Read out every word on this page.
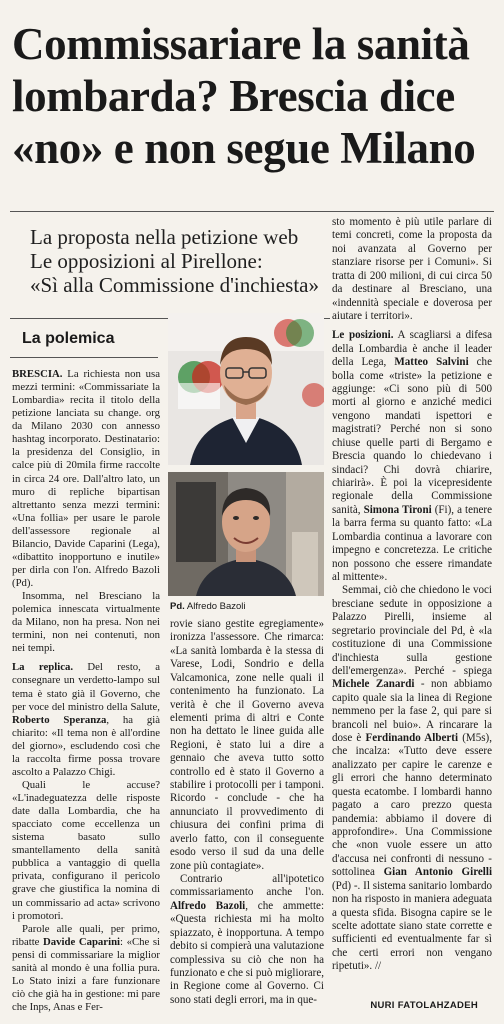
Commissariare la sanità
lombarda? Brescia dice
«no» e non segue Milano
La proposta nella petizione web
Le opposizioni al Pirellone:
«Sì alla Commissione d'inchiesta»
La polemica

BRESCIA. La richiesta non usa mezzi termini: «Commissariate la Lombardia» recita il titolo della petizione lanciata su change. org da Milano 2030 con annesso hashtag incorporato. Destinatario: la presidenza del Consiglio, in calce più di 20mila firme raccolte in circa 24 ore. Dall'altro lato, un muro di repliche bipartisan altrettanto senza mezzi termini: «Una follia» per usare le parole dell'assessore regionale al Bilancio, Davide Caparini (Lega), «dibattito inopportuno e inutile» per dirla con l'on. Alfredo Bazoli (Pd).

Insomma, nel Bresciano la polemica innescata virtualmente da Milano, non ha presa. Non nei termini, non nei contenuti, non nei tempi.

La replica. Del resto, a consegnare un verdetto-lampo sul tema è stato già il Governo, che per voce del ministro della Salute, Roberto Speranza, ha già chiarito: «Il tema non è all'ordine del giorno», escludendo così che la raccolta firme possa trovare ascolto a Palazzo Chigi.

Quali le accuse? «L'inadeguatezza delle risposte date dalla Lombardia, che ha spacciato come eccellenza un sistema basato sullo smantellamento della sanità pubblica a vantaggio di quella privata, configurano il pericolo grave che giustifica la nomina di un commissario ad acta» scrivono i promotori.

Parole alle quali, per primo, ribatte Davide Caparini: «Che si pensi di commissariare la miglior sanità al mondo è una follia pura. Lo Stato inizi a fare funzionare ciò che già ha in gestione: mi pare che Inps, Anas e Fer-

Pd. Alfredo Bazoli

rovie siano gestite egregiamente» ironizza l'assessore. Che rimarca: «La sanità lombarda è la stessa di Varese, Lodi, Sondrio e della Valcamonica, zone nelle quali il contenimento ha funzionato. La verità è che il Governo aveva elementi prima di altri e Conte non ha dettato le linee guida alle Regioni, è stato lui a dire a gennaio che aveva tutto sotto controllo ed è stato il Governo a stabilire i protocolli per i tamponi. Ricordo - conclude - che ha annunciato il provvedimento di chiusura dei confini prima di averlo fatto, con il conseguente esodo verso il sud da una delle zone più contagiate».

Contrario all'ipotetico commissariamento anche l'on. Alfredo Bazoli, che ammette: «Questa richiesta mi ha molto spiazzato, è inopportuna. A tempo debito si compierà una valutazione complessiva su ciò che non ha funzionato e che si può migliorare, in Regione come al Governo. Ci sono stati degli errori, ma in que-

sto momento è più utile parlare di temi concreti, come la proposta da noi avanzata al Governo per stanziare risorse per i Comuni». Si tratta di 200 milioni, di cui circa 50 da destinare al Bresciano, una «indennità speciale e doverosa per aiutare i territori».

Le posizioni. A scagliarsi a difesa della Lombardia è anche il leader della Lega, Matteo Salvini che bolla come «triste» la petizione e aggiunge: «Ci sono più di 500 morti al giorno e anziché medici vengono mandati ispettori e magistrati? Perché non si sono chiuse quelle parti di Bergamo e Brescia quando lo chiedevano i sindaci? Chi dovrà chiarire, chiarirà». È poi la vicepresidente regionale della Commissione sanità, Simona Tironi (Fi), a tenere la barra ferma su quanto fatto: «La Lombardia continua a lavorare con impegno e concretezza. Le critiche non possono che essere rimandate al mittente».

Semmai, ciò che chiedono le voci bresciane sedute in opposizione a Palazzo Pirelli, insieme al segretario provinciale del Pd, è «la costituzione di una Commissione d'inchiesta sulla gestione dell'emergenza». Perché - spiega Michele Zanardi - non abbiamo capito quale sia la linea di Regione nemmeno per la fase 2, qui pare si brancoli nel buio». A rincarare la dose è Ferdinando Alberti (M5s), che incalza: «Tutto deve essere analizzato per capire le carenze e gli errori che hanno determinato questa ecatombe. I lombardi hanno pagato a caro prezzo questa pandemia: abbiamo il dovere di approfondire». Una Commissione che «non vuole essere un atto d'accusa nei confronti di nessuno - sottolinea Gian Antonio Girelli (Pd) -. Il sistema sanitario lombardo non ha risposto in maniera adeguata a questa sfida. Bisogna capire se le scelte adottate siano state corrette e sufficienti ed eventualmente far sì che certi errori non vengano ripetuti». //

NURI FATOLAHZADEH
